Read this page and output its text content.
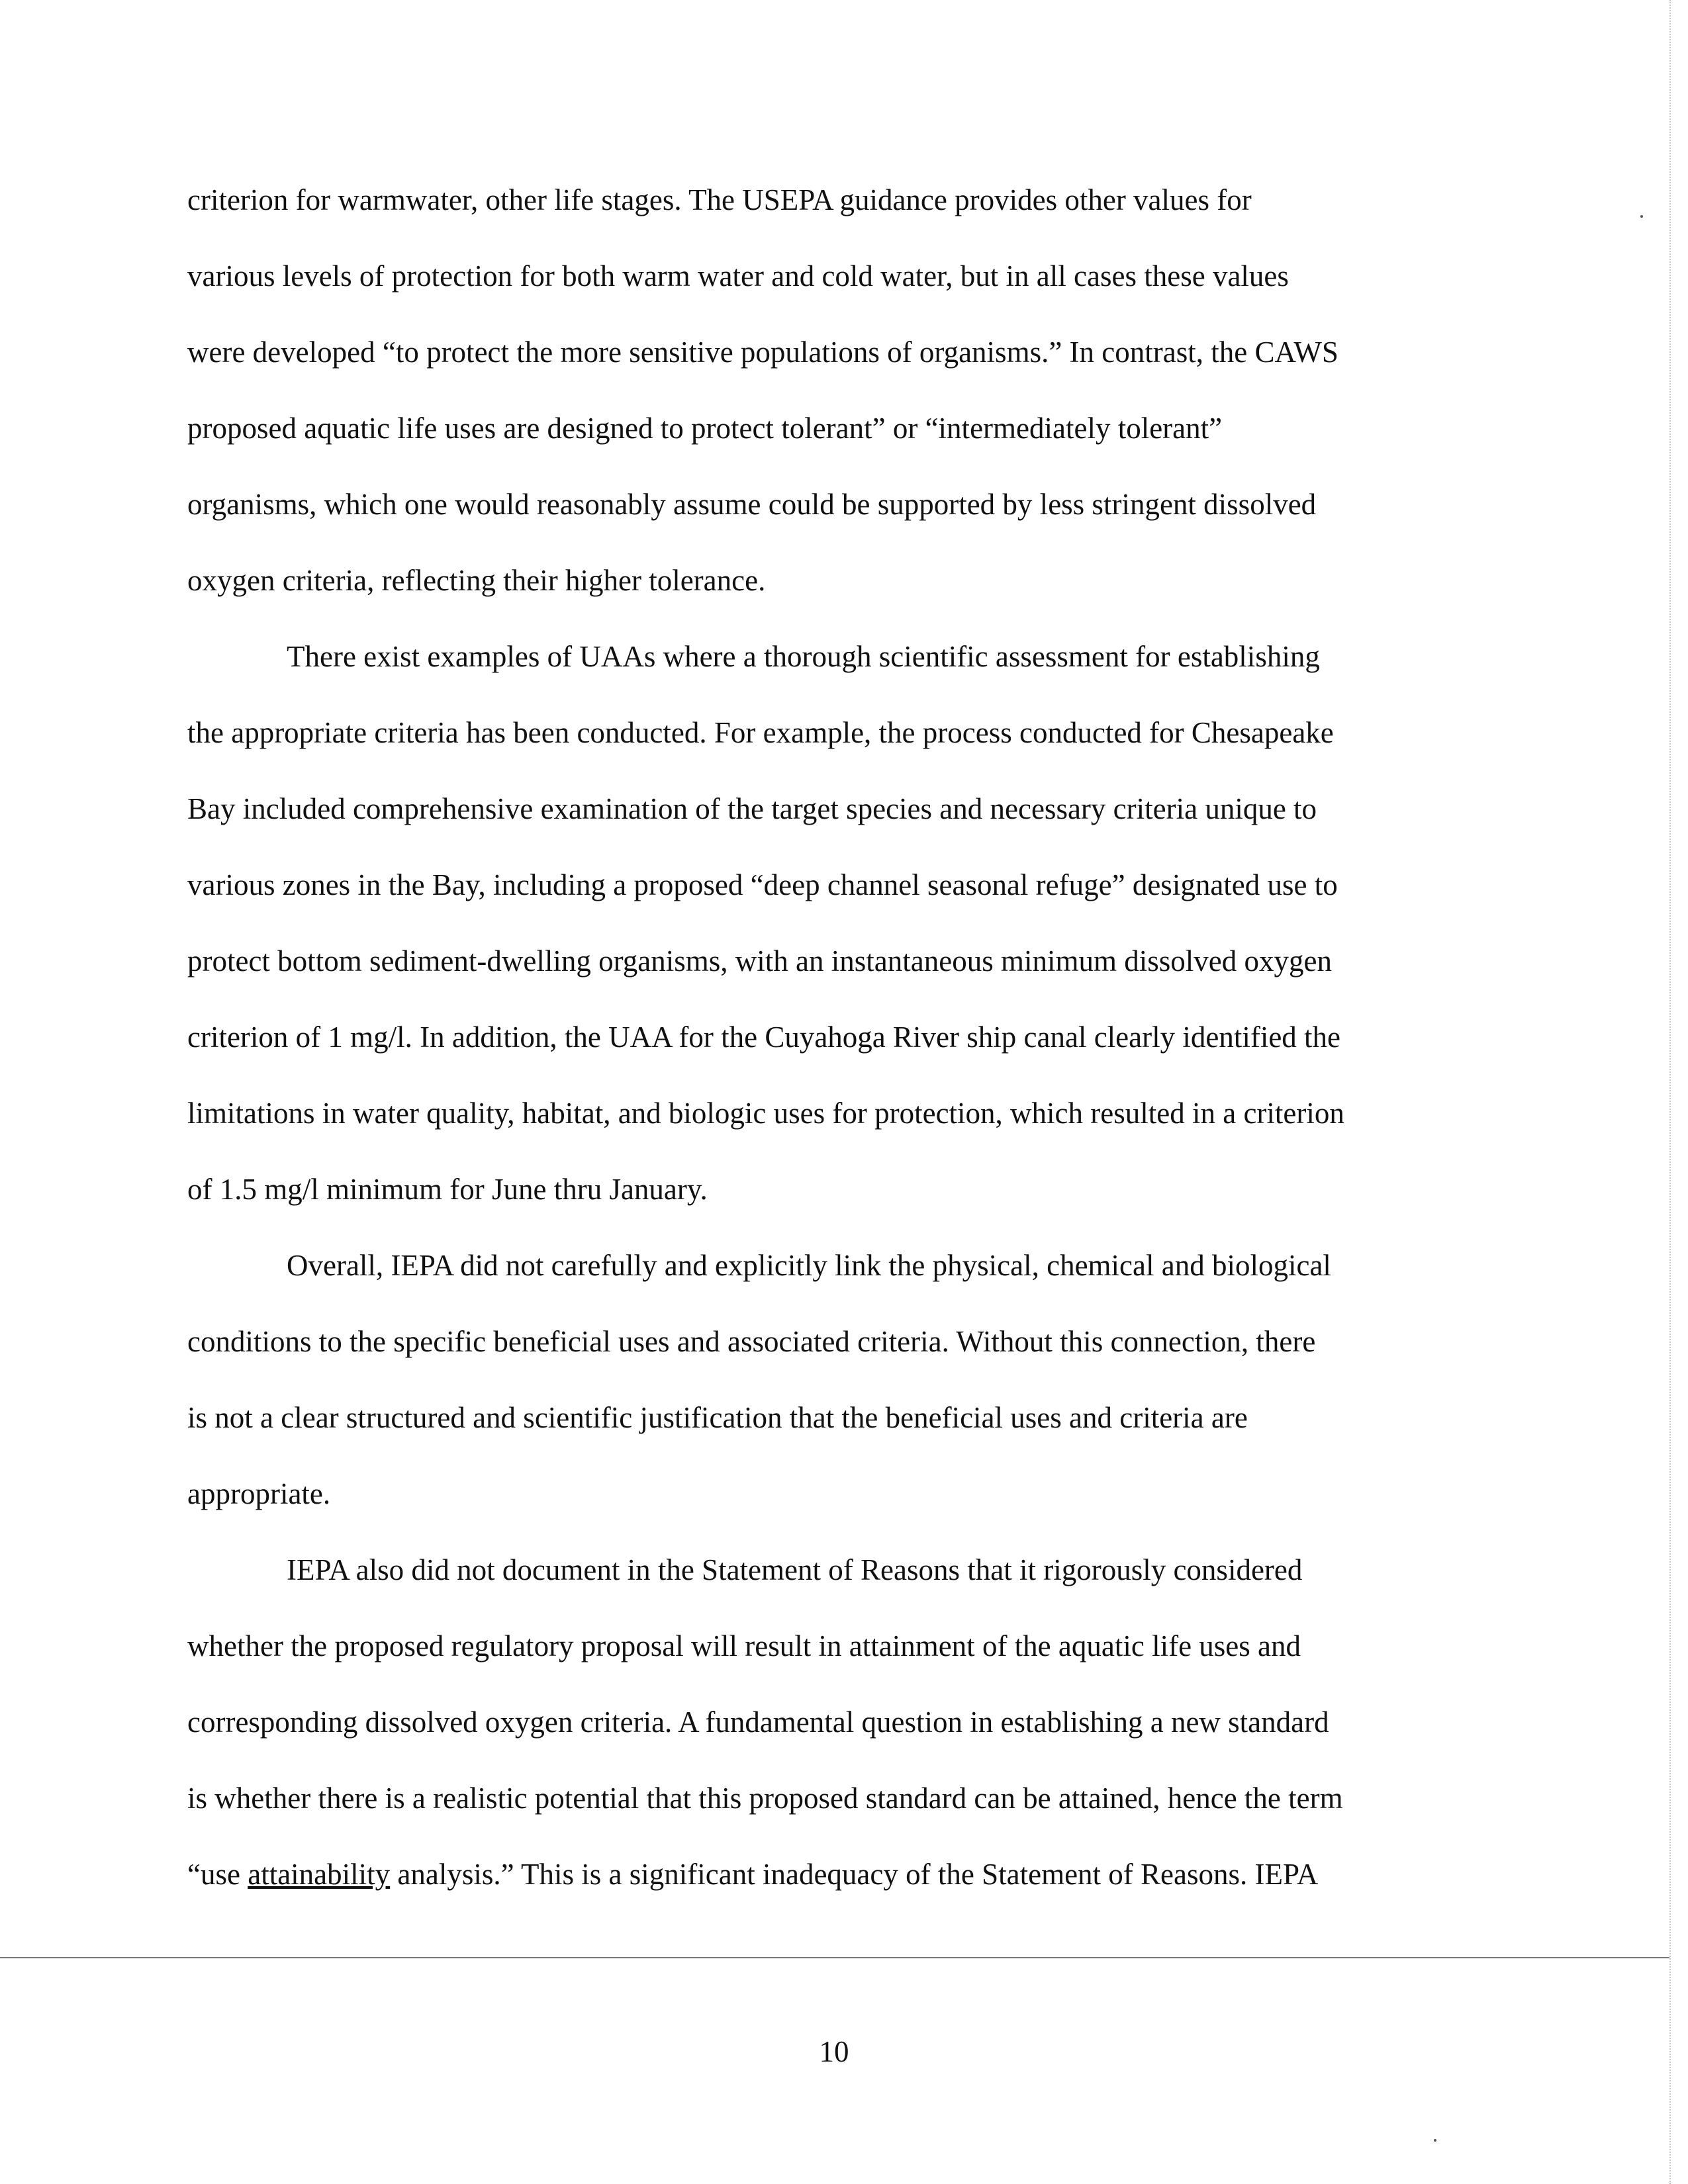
criterion for warmwater, other life stages. The USEPA guidance provides other values for
various levels of protection for both warm water and cold water, but in all cases these values
were developed “to protect the more sensitive populations of organisms.” In contrast, the CAWS
proposed aquatic life uses are designed to protect tolerant” or “intermediately tolerant”
organisms, which one would reasonably assume could be supported by less stringent dissolved
oxygen criteria, reflecting their higher tolerance.
There exist examples of UAAs where a thorough scientific assessment for establishing
the appropriate criteria has been conducted. For example, the process conducted for Chesapeake
Bay included comprehensive examination of the target species and necessary criteria unique to
various zones in the Bay, including a proposed “deep channel seasonal refuge” designated use to
protect bottom sediment-dwelling organisms, with an instantaneous minimum dissolved oxygen
criterion of 1 mg/l. In addition, the UAA for the Cuyahoga River ship canal clearly identified the
limitations in water quality, habitat, and biologic uses for protection, which resulted in a criterion
of 1.5 mg/l minimum for June thru January.
Overall, IEPA did not carefully and explicitly link the physical, chemical and biological
conditions to the specific beneficial uses and associated criteria. Without this connection, there
is not a clear structured and scientific justification that the beneficial uses and criteria are
appropriate.
IEPA also did not document in the Statement of Reasons that it rigorously considered
whether the proposed regulatory proposal will result in attainment of the aquatic life uses and
corresponding dissolved oxygen criteria. A fundamental question in establishing a new standard
is whether there is a realistic potential that this proposed standard can be attained, hence the term
“use attainability analysis.” This is a significant inadequacy of the Statement of Reasons. IEPA
10
